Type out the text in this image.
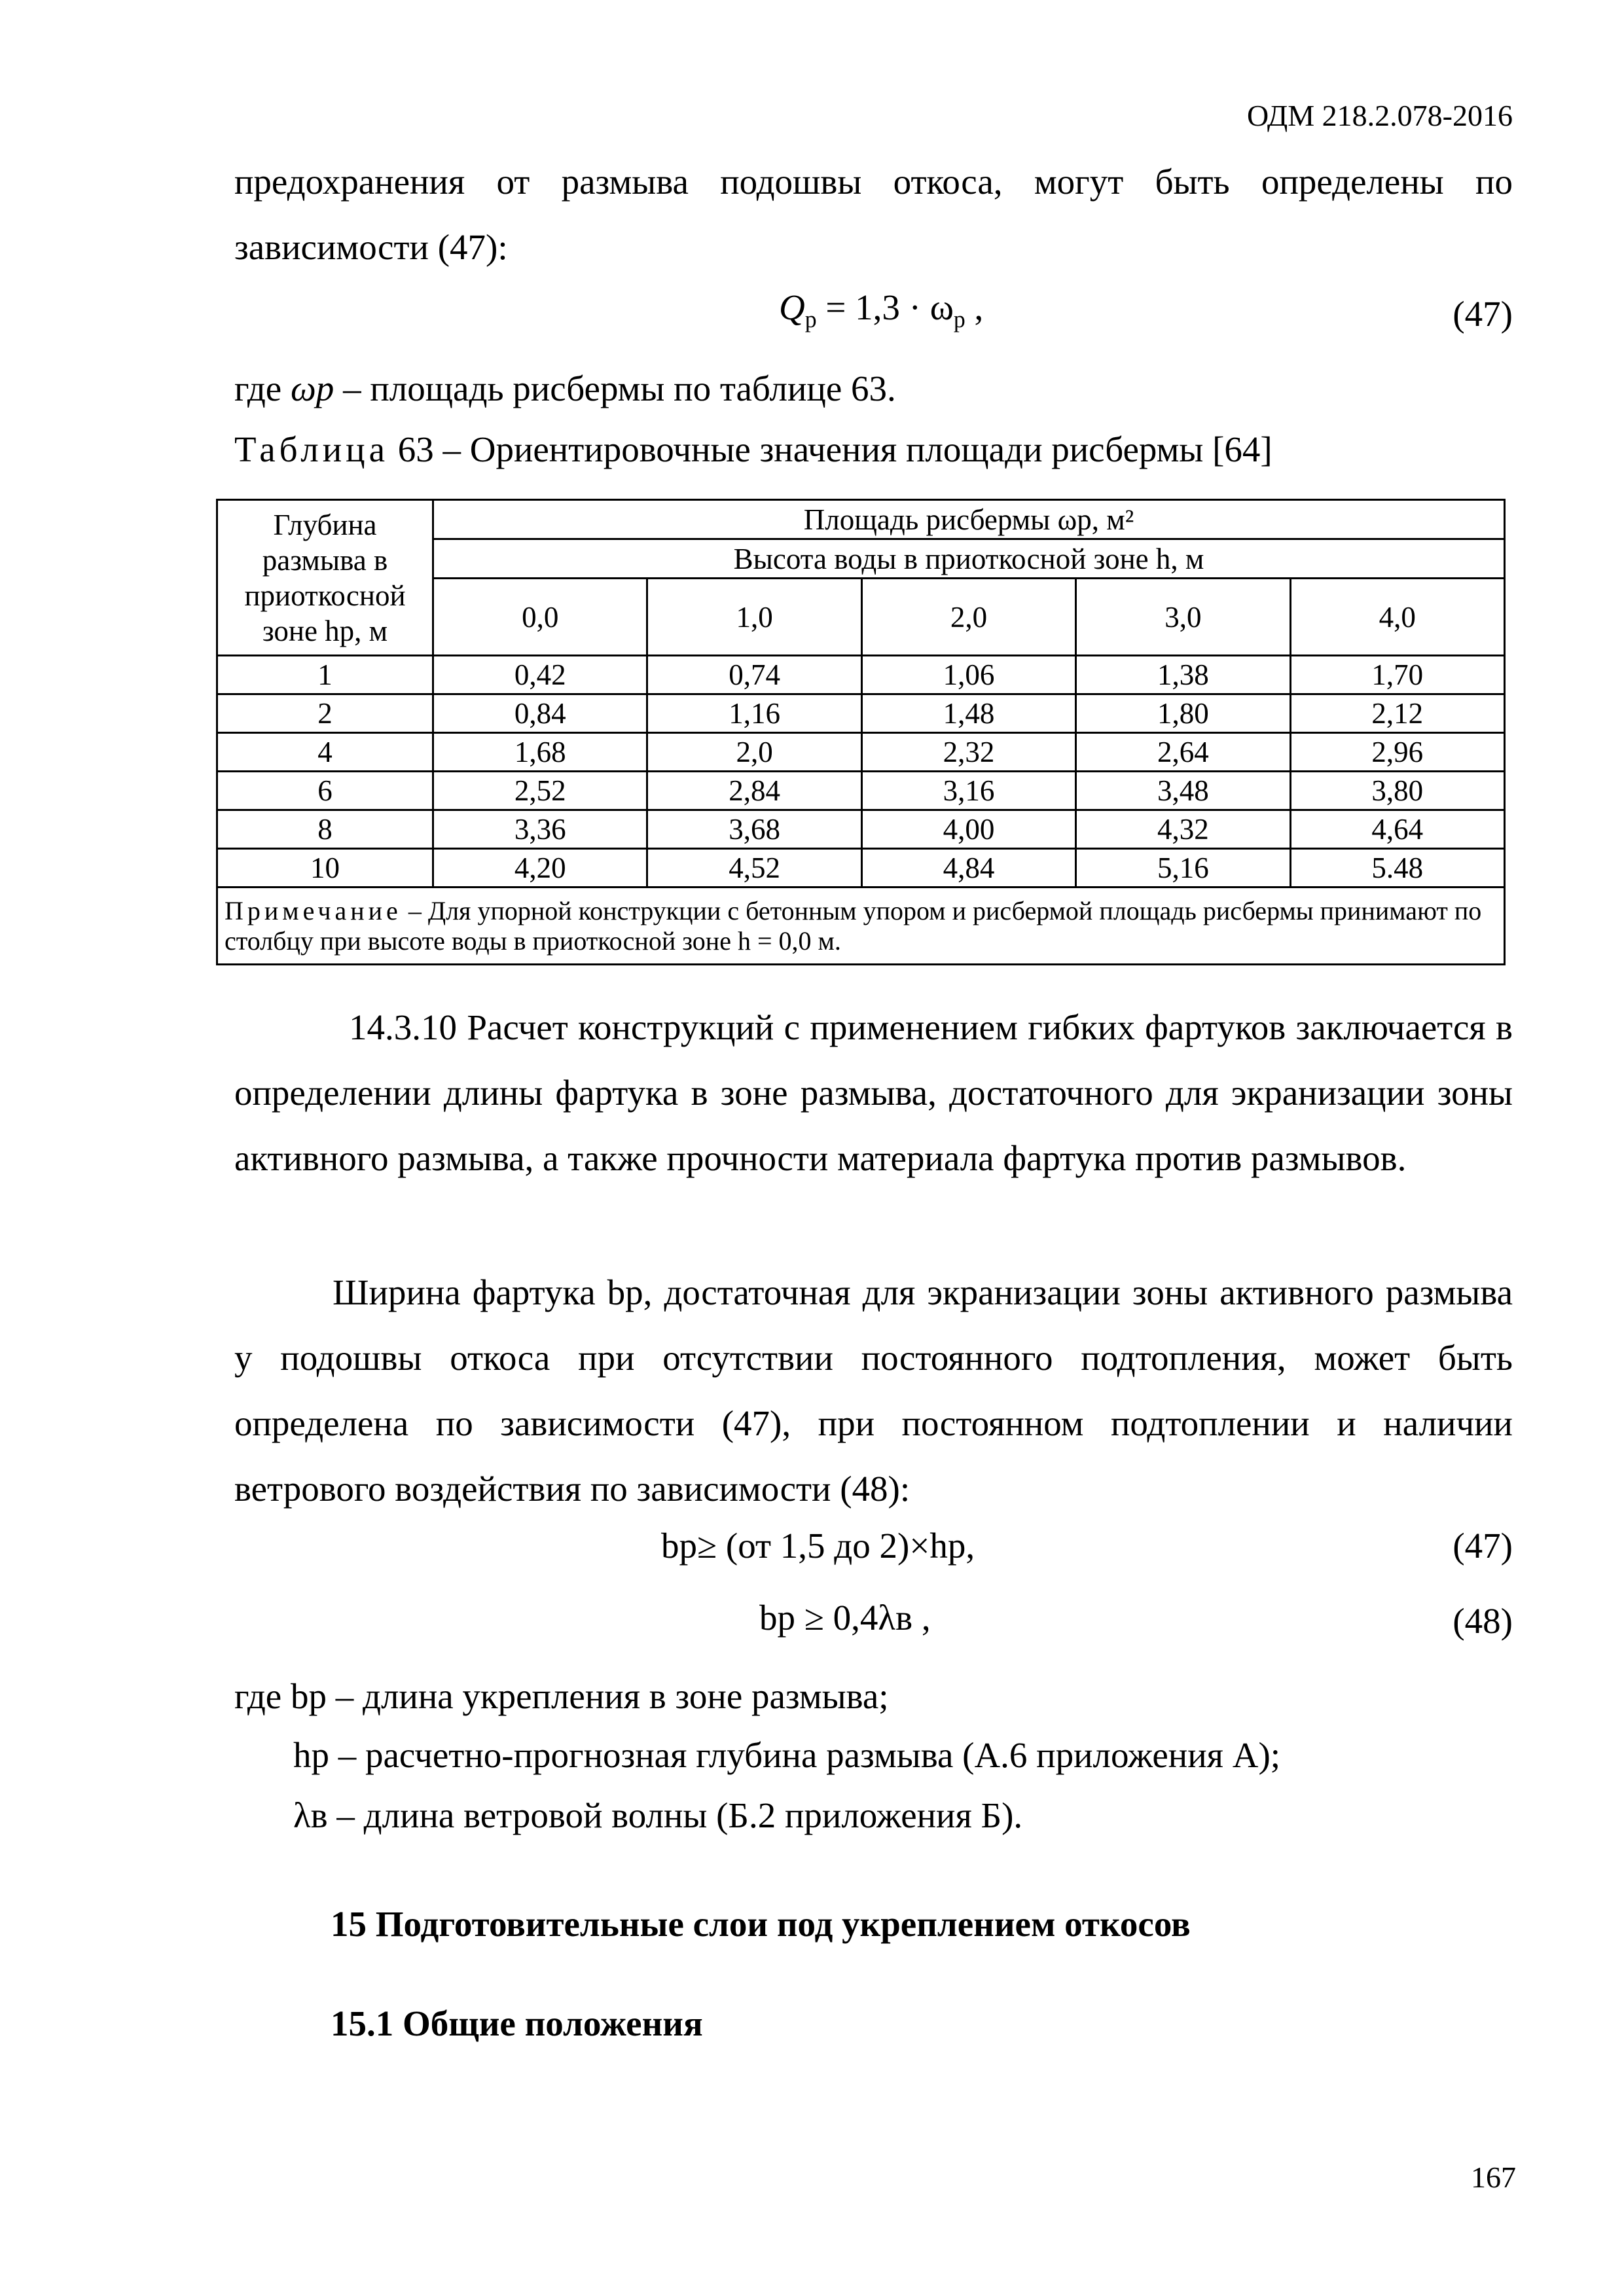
ОДМ 218.2.078-2016
предохранения от размыва подошвы откоса, могут быть определены по зависимости (47):
$Q_р = 1,3 \cdot \omega_р$ ,	(47)
где ωр – площадь рисбермы по таблице 63.
Таблица 63 – Ориентировочные значения площади рисбермы [64]
Глубина размыва в приоткосной зоне hр, м	Площадь рисбермы ωр, м²				
	Высота воды в приоткосной зоне h, м				
	0,0	1,0	2,0	3,0	4,0
1	0,42	0,74	1,06	1,38	1,70
2	0,84	1,16	1,48	1,80	2,12
4	1,68	2,0	2,32	2,64	2,96
6	2,52	2,84	3,16	3,48	3,80
8	3,36	3,68	4,00	4,32	4,64
10	4,20	4,52	4,84	5,16	5.48
Примечание – Для упорной конструкции с бетонным упором и рисбермой площадь рисбермы принимают по столбцу при высоте воды в приоткосной зоне h = 0,0 м.					
14.3.10 Расчет конструкций с применением гибких фартуков заключается в определении длины фартука в зоне размыва, достаточного для экранизации зоны активного размыва, а также прочности материала фартука против размывов.
Ширина фартука bр, достаточная для экранизации зоны активного размыва у подошвы откоса при отсутствии постоянного подтопления, может быть определена по зависимости (47), при постоянном подтоплении и наличии ветрового воздействия по зависимости (48):
bр≥ (от 1,5 до 2)×hр,	(47)
bр ≥ 0,4λв ,	(48)
где bр – длина укрепления в зоне размыва;
hр – расчетно-прогнозная глубина размыва (А.6 приложения А);
λв – длина ветровой волны (Б.2 приложения Б).
15 Подготовительные слои под укреплением откосов
15.1 Общие положения
167
